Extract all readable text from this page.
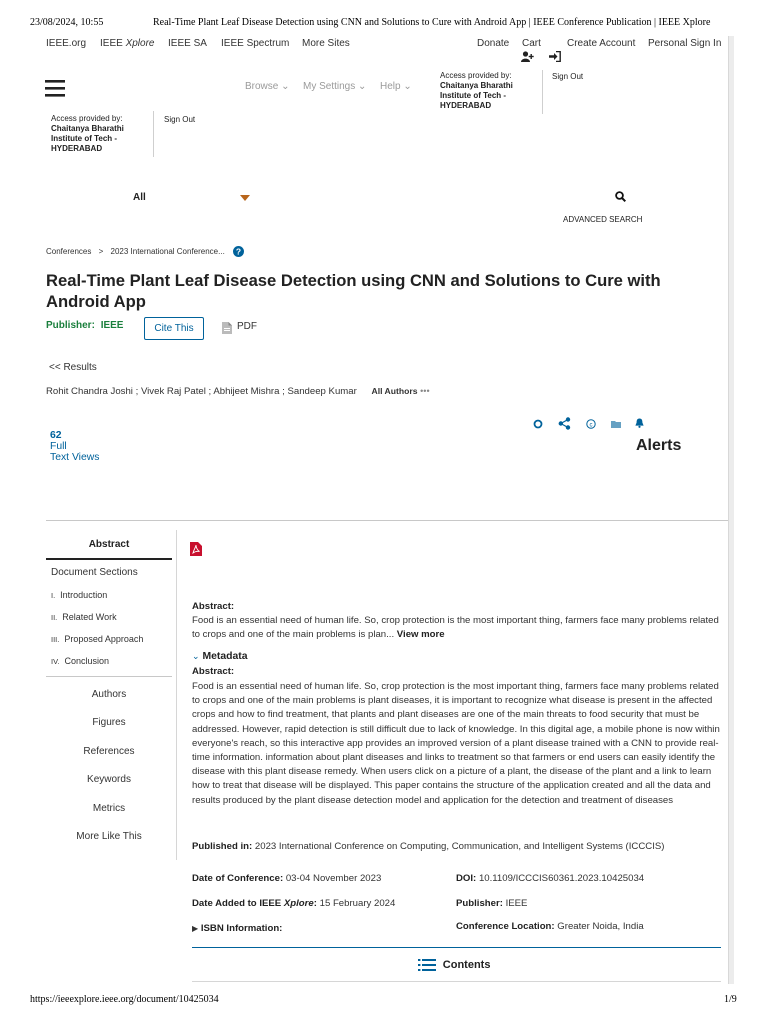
23/08/2024, 10:55	Real-Time Plant Leaf Disease Detection using CNN and Solutions to Cure with Android App | IEEE Conference Publication | IEEE Xplore
IEEE.org IEEE Xplore IEEE SA IEEE Spectrum More Sites	Donate Cart	Create Account Personal Sign In
Browse ⌄ My Settings ⌄ Help ⌄
Access provided by:
Chaitanya Bharathi Institute of Tech - HYDERABAD
Sign Out
Access provided by:
Chaitanya Bharathi Institute of Tech - HYDERABAD
Sign Out
All
ADVANCED SEARCH
Conferences > 2023 International Conference... ?
Real-Time Plant Leaf Disease Detection using CNN and Solutions to Cure with Android App
Publisher: IEEE	Cite This	PDF
<< Results
Rohit Chandra Joshi ; Vivek Raj Patel ; Abhijeet Mishra ; Sandeep Kumar All Authors •••
62
Full
Text Views
c
Alerts
Abstract
Document Sections
I. Introduction
II. Related Work
III. Proposed Approach
IV. Conclusion
Authors
Figures
References
Keywords
Metrics
More Like This
Abstract:
Food is an essential need of human life. So, crop protection is the most important thing, farmers face many problems related to crops and one of the main problems is plan... View more
⌄ Metadata
Abstract:
Food is an essential need of human life. So, crop protection is the most important thing, farmers face many problems related to crops and one of the main problems is plant diseases, it is important to recognize what disease is present in the affected crops and how to find treatment, that plants and plant diseases are one of the main threats to food security that must be addressed. However, rapid detection is still difficult due to lack of knowledge. In this digital age, a mobile phone is now within everyone's reach, so this interactive app provides an improved version of a plant disease trained with a CNN to provide real-time information. information about plant diseases and links to treatment so that farmers or end users can easily identify the disease with this plant disease remedy. When users click on a picture of a plant, the disease of the plant and a link to learn how to treat that disease will be displayed. This paper contains the structure of the application created and all the data and results produced by the plant disease detection model and application for the detection and treatment of diseases
Published in: 2023 International Conference on Computing, Communication, and Intelligent Systems (ICCCIS)
Date of Conference: 03-04 November 2023	DOI: 10.1109/ICCCIS60361.2023.10425034
Date Added to IEEE Xplore: 15 February 2024	Publisher: IEEE
▶ ISBN Information:	Conference Location: Greater Noida, India
Contents
https://ieeexplore.ieee.org/document/10425034	1/9
